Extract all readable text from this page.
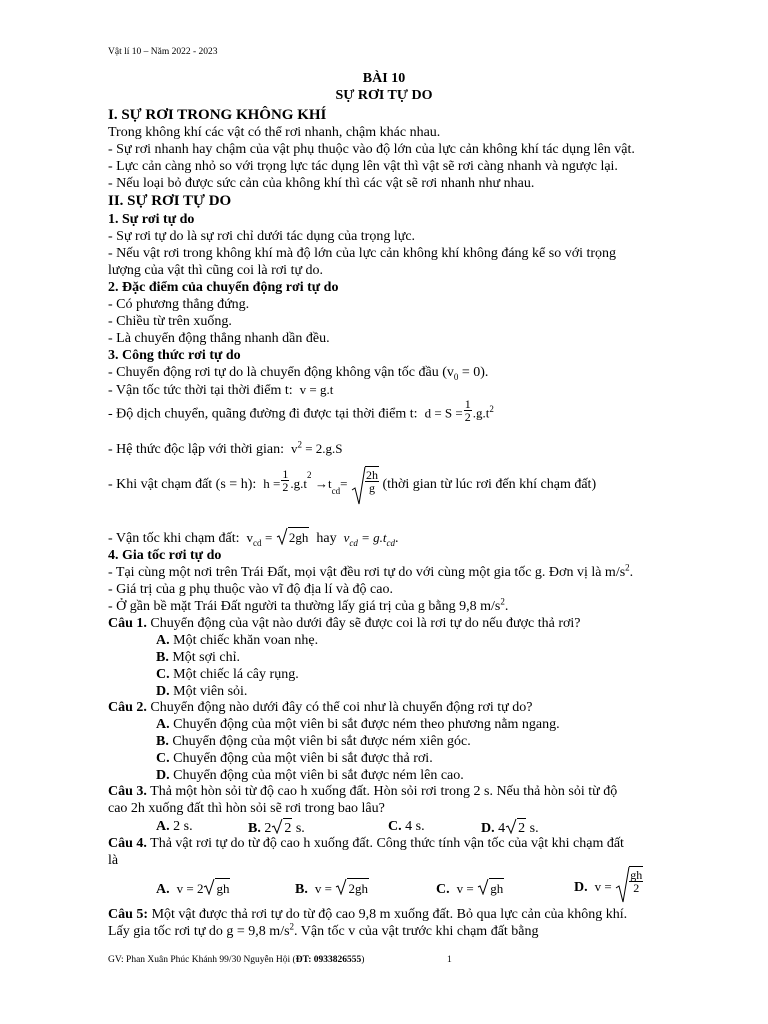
Vật lí 10 – Năm 2022 - 2023
BÀI 10
SỰ RƠI TỰ DO
I. SỰ RƠI TRONG KHÔNG KHÍ
Trong không khí các vật có thể rơi nhanh, chậm khác nhau.
- Sự rơi nhanh hay chậm của vật phụ thuộc vào độ lớn của lực cản không khí tác dụng lên vật.
- Lực cản càng nhỏ so với trọng lực tác dụng lên vật thì vật sẽ rơi càng nhanh và ngược lại.
- Nếu loại bỏ được sức cản của không khí thì các vật sẽ rơi nhanh như nhau.
II. SỰ RƠI TỰ DO
1. Sự rơi tự do
- Sự rơi tự do là sự rơi chỉ dưới tác dụng của trọng lực.
- Nếu vật rơi trong không khí mà độ lớn của lực cản không khí không đáng kể so với trọng
lượng của vật thì cũng coi là rơi tự do.
2. Đặc điểm của chuyển động rơi tự do
- Có phương thẳng đứng.
- Chiều từ trên xuống.
- Là chuyển động thẳng nhanh dần đều.
3. Công thức rơi tự do
- Chuyển động rơi tự do là chuyển động không vận tốc đầu $(v_0 = 0)$.
- Vận tốc tức thời tại thời điểm t: v = g.t
- Độ dịch chuyển, quãng đường đi được tại thời điểm t: $d = S = \frac{1}{2} .g.t^2$
- Hệ thức độc lập với thời gian: $v^2 = 2.g.S$
- Khi vật chạm đất (s = h): $h = \frac{1}{2} .g.t^2 \to t_{cd}= \frac{2h}{g}$ (thời gian từ lúc rơi đến khí chạm đất)
- Vận tốc khi chạm đất: $v_{cd} = 2gh$ hay $v_{cd} = g.t_{cd}$.
4. Gia tốc rơi tự do
- Tại cùng một nơi trên Trái Đất, mọi vật đều rơi tự do với cùng một gia tốc g. Đơn vị là $m/s^2$.
- Giá trị của g phụ thuộc vào vĩ độ địa lí và độ cao.
- Ở gần bề mặt Trái Đất người ta thường lấy giá trị của g bằng 9,8 $m/s^2$.
Câu 1. Chuyển động của vật nào dưới đây sẽ được coi là rơi tự do nếu được thả rơi?
A. Một chiếc khăn voan nhẹ.
B. Một sợi chỉ.
C. Một chiếc lá cây rụng.
D. Một viên sỏi.
Câu 2. Chuyển động nào dưới đây có thể coi như là chuyển động rơi tự do?
A. Chuyển động của một viên bi sắt được ném theo phương nằm ngang.
B. Chuyển động của một viên bi sắt được ném xiên góc.
C. Chuyển động của một viên bi sắt được thả rơi.
D. Chuyển động của một viên bi sắt được ném lên cao.
Câu 3. Thả một hòn sỏi từ độ cao h xuống đất. Hòn sỏi rơi trong 2 s. Nếu thả hòn sỏi từ độ
cao 2h xuống đất thì hòn sỏi sẽ rơi trong bao lâu?
A. 2 s.	B. 2 2 s.	C. 4 s.	D. 4 2 s.
Câu 4. Thả vật rơi tự do từ độ cao h xuống đất. Công thức tính vận tốc của vật khi chạm đất
là
A. v = 2 gh	B. v = 2gh	C. v = gh	D. $v = \frac{gh}{2}$
Câu 5: Một vật được thả rơi tự do từ độ cao 9,8 m xuống đất. Bỏ qua lực cản của không khí.
Lấy gia tốc rơi tự do g = 9,8 $m/s^2$. Vận tốc v của vật trước khi chạm đất bằng
GV: Phan Xuân Phúc Khánh 99/30 Nguyễn Hội (ĐT: 0933826555)	1
